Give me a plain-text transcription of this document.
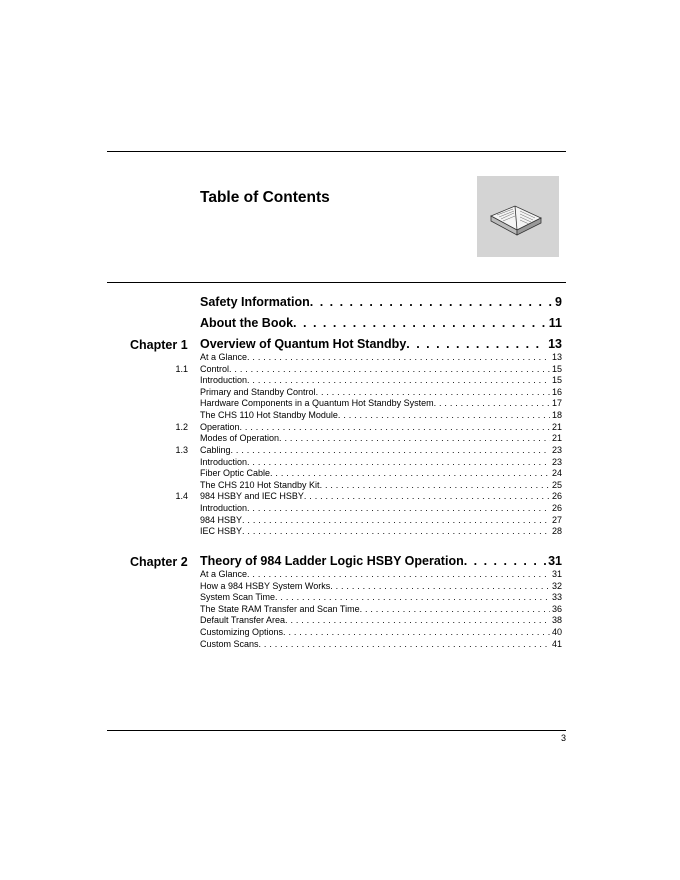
Table of Contents
Safety Information . . .	9
About the Book . . .	11
Chapter 1 Overview of Quantum Hot Standby . . .	13
At a Glance . . .	13
1.1 Control . . .	15
Introduction . . .	15
Primary and Standby Control . . .	16
Hardware Components in a Quantum Hot Standby System . . .	17
The CHS 110 Hot Standby Module . . .	18
1.2 Operation . . .	21
Modes of Operation . . .	21
1.3 Cabling . . .	23
Introduction . . .	23
Fiber Optic Cable . . .	24
The CHS 210 Hot Standby Kit . . .	25
1.4 984 HSBY and IEC HSBY . . .	26
Introduction . . .	26
984 HSBY . . .	27
IEC HSBY . . .	28
Chapter 2 Theory of 984 Ladder Logic HSBY Operation . . .	31
At a Glance . . .	31
How a 984 HSBY System Works . . .	32
System Scan Time . . .	33
The State RAM Transfer and Scan Time . . .	36
Default Transfer Area . . .	38
Customizing Options . . .	40
Custom Scans . . .	41
3
